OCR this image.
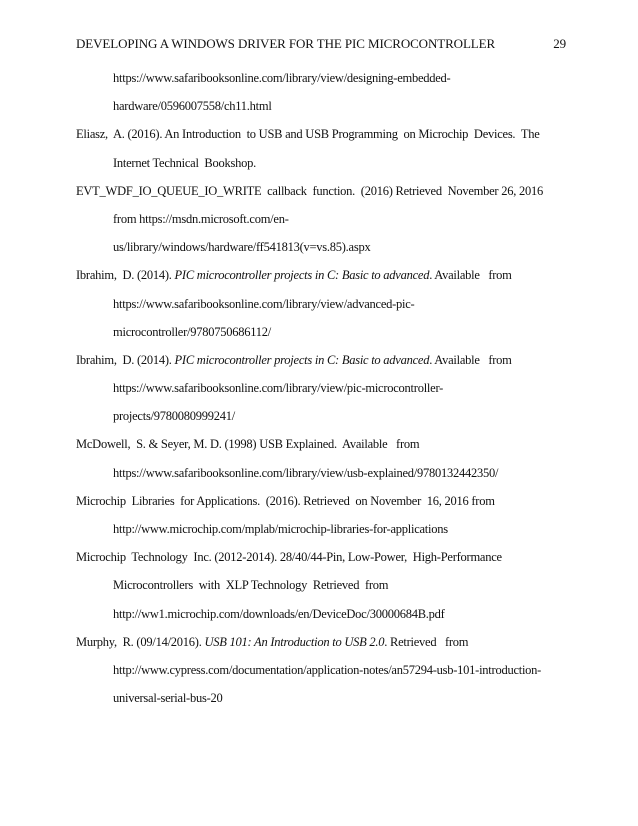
DEVELOPING A WINDOWS DRIVER FOR THE PIC MICROCONTROLLER	29
https://www.safaribooksonline.com/library/view/designing-embedded-
hardware/0596007558/ch11.html
Eliasz,  A. (2016). An Introduction  to USB and USB Programming  on Microchip  Devices.  The
Internet Technical  Bookshop.
EVT_WDF_IO_QUEUE_IO_WRITE  callback  function.  (2016) Retrieved  November 26, 2016
from https://msdn.microsoft.com/en-
us/library/windows/hardware/ff541813(v=vs.85).aspx
Ibrahim,  D. (2014). PIC microcontroller projects in C: Basic to advanced. Available   from
https://www.safaribooksonline.com/library/view/advanced-pic-
microcontroller/9780750686112/
Ibrahim,  D. (2014). PIC microcontroller projects in C: Basic to advanced. Available   from
https://www.safaribooksonline.com/library/view/pic-microcontroller-
projects/9780080999241/
McDowell,  S. & Seyer, M. D. (1998) USB Explained.  Available   from
https://www.safaribooksonline.com/library/view/usb-explained/9780132442350/
Microchip  Libraries  for Applications.  (2016). Retrieved  on November  16, 2016 from
http://www.microchip.com/mplab/microchip-libraries-for-applications
Microchip  Technology  Inc. (2012-2014). 28/40/44-Pin, Low-Power,  High-Performance
Microcontrollers  with  XLP Technology  Retrieved  from
http://ww1.microchip.com/downloads/en/DeviceDoc/30000684B.pdf
Murphy,  R. (09/14/2016). USB 101: An Introduction to USB 2.0. Retrieved   from
http://www.cypress.com/documentation/application-notes/an57294-usb-101-introduction-
universal-serial-bus-20
